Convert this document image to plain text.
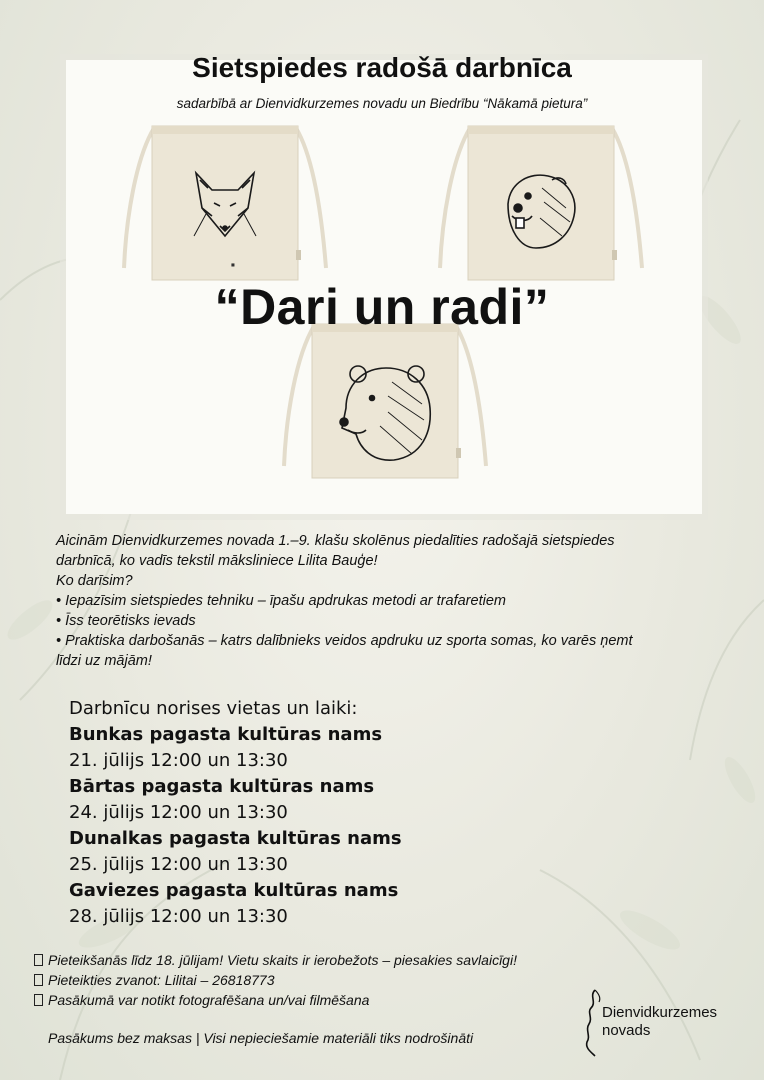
Sietspiedes radošā darbnīca

sadarbībā ar Dienvidkurzemes novadu un Biedrību “Nākamā pietura”

■
“Dari un radi”

Aicinām Dienvidkurzemes novada 1.–9. klašu skolēnus piedalīties radošajā sietspiedes

darbnīcā, ko vadīs tekstil māksliniece Lilita Bauģe!

Ko darīsim?

• Iepazīsim sietspiedes tehniku – īpašu apdrukas metodi ar trafaretiem

• Īss teorētisks ievads

• Praktiska darbošanās – katrs dalībnieks veidos apdruku uz sporta somas, ko varēs ņemt

līdzi uz mājām!

Darbnīcu norises vietas un laiki:

Bunkas pagasta kultūras nams

21. jūlijs 12:00 un 13:30

Bārtas pagasta kultūras nams

24. jūlijs 12:00 un 13:30

Dunalkas pagasta kultūras nams

25. jūlijs 12:00 un 13:30

Gaviezes pagasta kultūras nams

28. jūlijs 12:00 un 13:30

Pieteikšanās līdz 18. jūlijam! Vietu skaits ir ierobežots – piesakies savlaicīgi!

Pieteikties zvanot: Lilitai – 26818773

Pasākumā var notikt fotografēšana un/vai filmēšana

Pasākums bez maksas | Visi nepieciešamie materiāli tiks nodrošināti
Dienvidkurzemes
novads
